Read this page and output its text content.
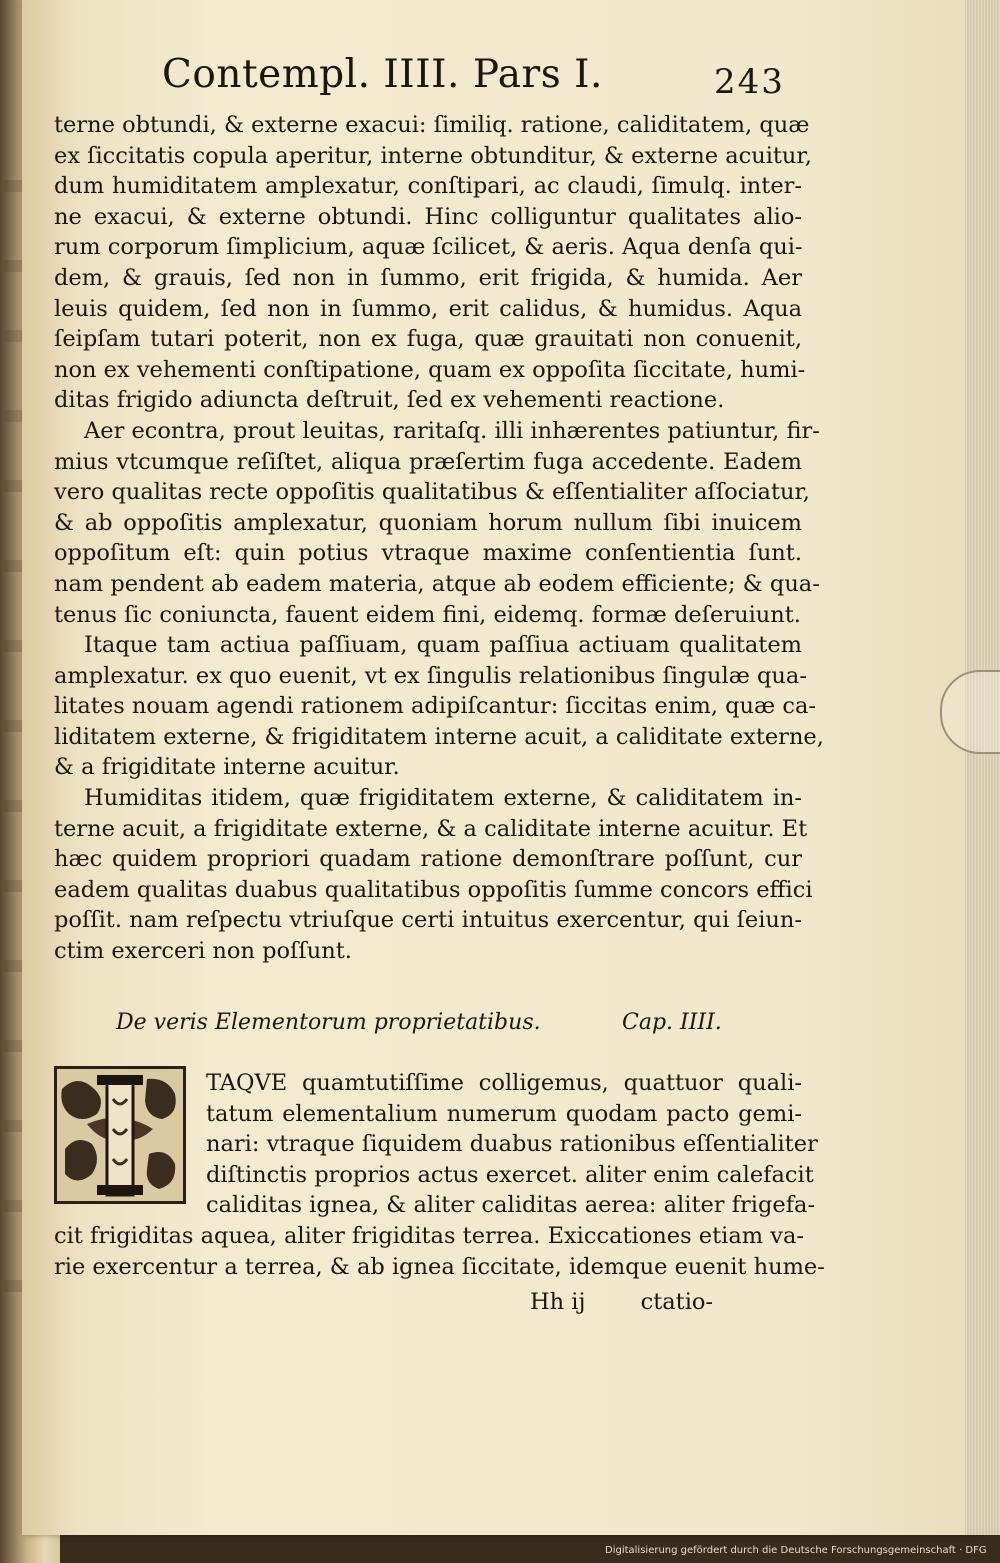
Contempl. IIII. Pars I.	243
terne obtundi, & externe exacui: ſimiliq. ratione, caliditatem, quæ
ex ſiccitatis copula aperitur, interne obtunditur, & externe acuitur,
dum humiditatem amplexatur, conſtipari, ac claudi, ſimulq. inter-
ne exacui, & externe obtundi. Hinc colliguntur qualitates alio-
rum corporum ſimplicium, aquæ ſcilicet, & aeris. Aqua denſa qui-
dem, & grauis, ſed non in ſummo, erit frigida, & humida. Aer
leuis quidem, ſed non in ſummo, erit calidus, & humidus. Aqua
ſeipſam tutari poterit, non ex fuga, quæ grauitati non conuenit,
non ex vehementi conſtipatione, quam ex oppoſita ſiccitate, humi-
ditas frigido adiuncta deſtruit, ſed ex vehementi reactione.
Aer econtra, prout leuitas, raritaſq. illi inhærentes patiuntur, fir-
mius vtcumque reſiſtet, aliqua præſertim fuga accedente. Eadem
vero qualitas recte oppoſitis qualitatibus & eſſentialiter aſſociatur,
& ab oppoſitis amplexatur, quoniam horum nullum ſibi inuicem
oppoſitum eſt: quin potius vtraque maxime conſentientia ſunt.
nam pendent ab eadem materia, atque ab eodem efficiente; & qua-
tenus ſic coniuncta, fauent eidem fini, eidemq. formæ deſeruiunt.
Itaque tam actiua paſſiuam, quam paſſiua actiuam qualitatem
amplexatur. ex quo euenit, vt ex ſingulis relationibus ſingulæ qua-
litates nouam agendi rationem adipiſcantur: ſiccitas enim, quæ ca-
liditatem externe, & frigiditatem interne acuit, a caliditate externe,
& a frigiditate interne acuitur.
Humiditas itidem, quæ frigiditatem externe, & caliditatem in-
terne acuit, a frigiditate externe, & a caliditate interne acuitur. Et
hæc quidem propriori quadam ratione demonſtrare poſſunt, cur
eadem qualitas duabus qualitatibus oppoſitis ſumme concors effici
poſſit. nam reſpectu vtriuſque certi intuitus exercentur, qui ſeiun-
ctim exerceri non poſſunt.
De veris Elementorum proprietatibus.	Cap. IIII.
TAQVE quamtutiſſime colligemus, quattuor quali-
tatum elementalium numerum quodam pacto gemi-
nari: vtraque ſiquidem duabus rationibus eſſentialiter
diſtinctis proprios actus exercet. aliter enim calefacit
caliditas ignea, & aliter caliditas aerea: aliter frigefa-
cit frigiditas aquea, aliter frigiditas terrea. Exiccationes etiam va-
rie exercentur a terrea, & ab ignea ſiccitate, idemque euenit hume-
Hh ij ctatio-
Digitalisierung gefördert durch die Deutsche Forschungsgemeinschaft · DFG
